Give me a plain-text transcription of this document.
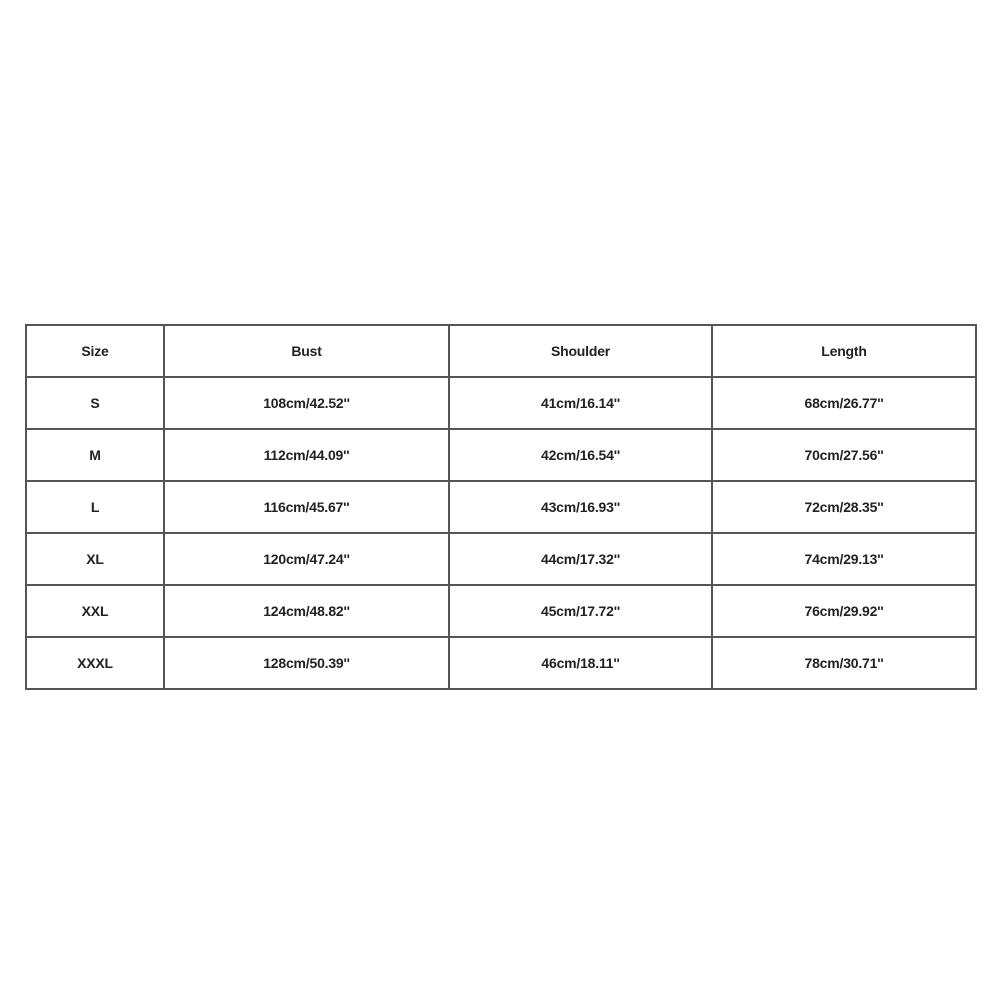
Size	Bust	Shoulder	Length
S	108cm/42.52''	41cm/16.14''	68cm/26.77''
M	112cm/44.09''	42cm/16.54''	70cm/27.56''
L	116cm/45.67''	43cm/16.93''	72cm/28.35''
XL	120cm/47.24''	44cm/17.32''	74cm/29.13''
XXL	124cm/48.82''	45cm/17.72''	76cm/29.92''
XXXL	128cm/50.39''	46cm/18.11''	78cm/30.71''
